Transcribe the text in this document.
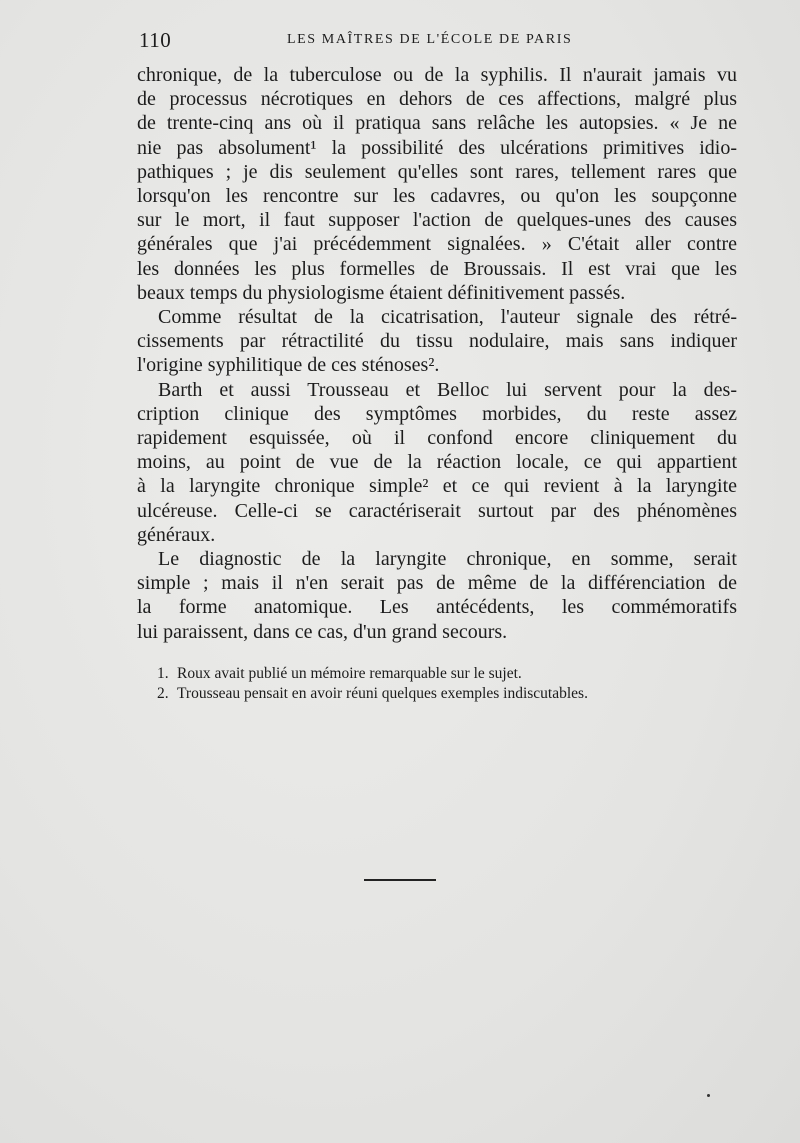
110	LES MAÎTRES DE L'ÉCOLE DE PARIS

chronique, de la tuberculose ou de la syphilis. Il n'aurait jamais vu

de processus nécrotiques en dehors de ces affections, malgré plus

de trente-cinq ans où il pratiqua sans relâche les autopsies. « Je ne

nie pas absolument¹ la possibilité des ulcérations primitives idio-

pathiques ; je dis seulement qu'elles sont rares, tellement rares que

lorsqu'on les rencontre sur les cadavres, ou qu'on les soupçonne

sur le mort, il faut supposer l'action de quelques-unes des causes

générales que j'ai précédemment signalées. » C'était aller contre

les données les plus formelles de Broussais. Il est vrai que les

beaux temps du physiologisme étaient définitivement passés.

Comme résultat de la cicatrisation, l'auteur signale des rétré-

cissements par rétractilité du tissu nodulaire, mais sans indiquer

l'origine syphilitique de ces sténoses².

Barth et aussi Trousseau et Belloc lui servent pour la des-

cription clinique des symptômes morbides, du reste assez

rapidement esquissée, où il confond encore cliniquement du

moins, au point de vue de la réaction locale, ce qui appartient

à la laryngite chronique simple² et ce qui revient à la laryngite

ulcéreuse. Celle-ci se caractériserait surtout par des phénomènes

généraux.

Le diagnostic de la laryngite chronique, en somme, serait

simple ; mais il n'en serait pas de même de la différenciation de

la forme anatomique. Les antécédents, les commémoratifs

lui paraissent, dans ce cas, d'un grand secours.

1. Roux avait publié un mémoire remarquable sur le sujet.

2. Trousseau pensait en avoir réuni quelques exemples indiscutables.
